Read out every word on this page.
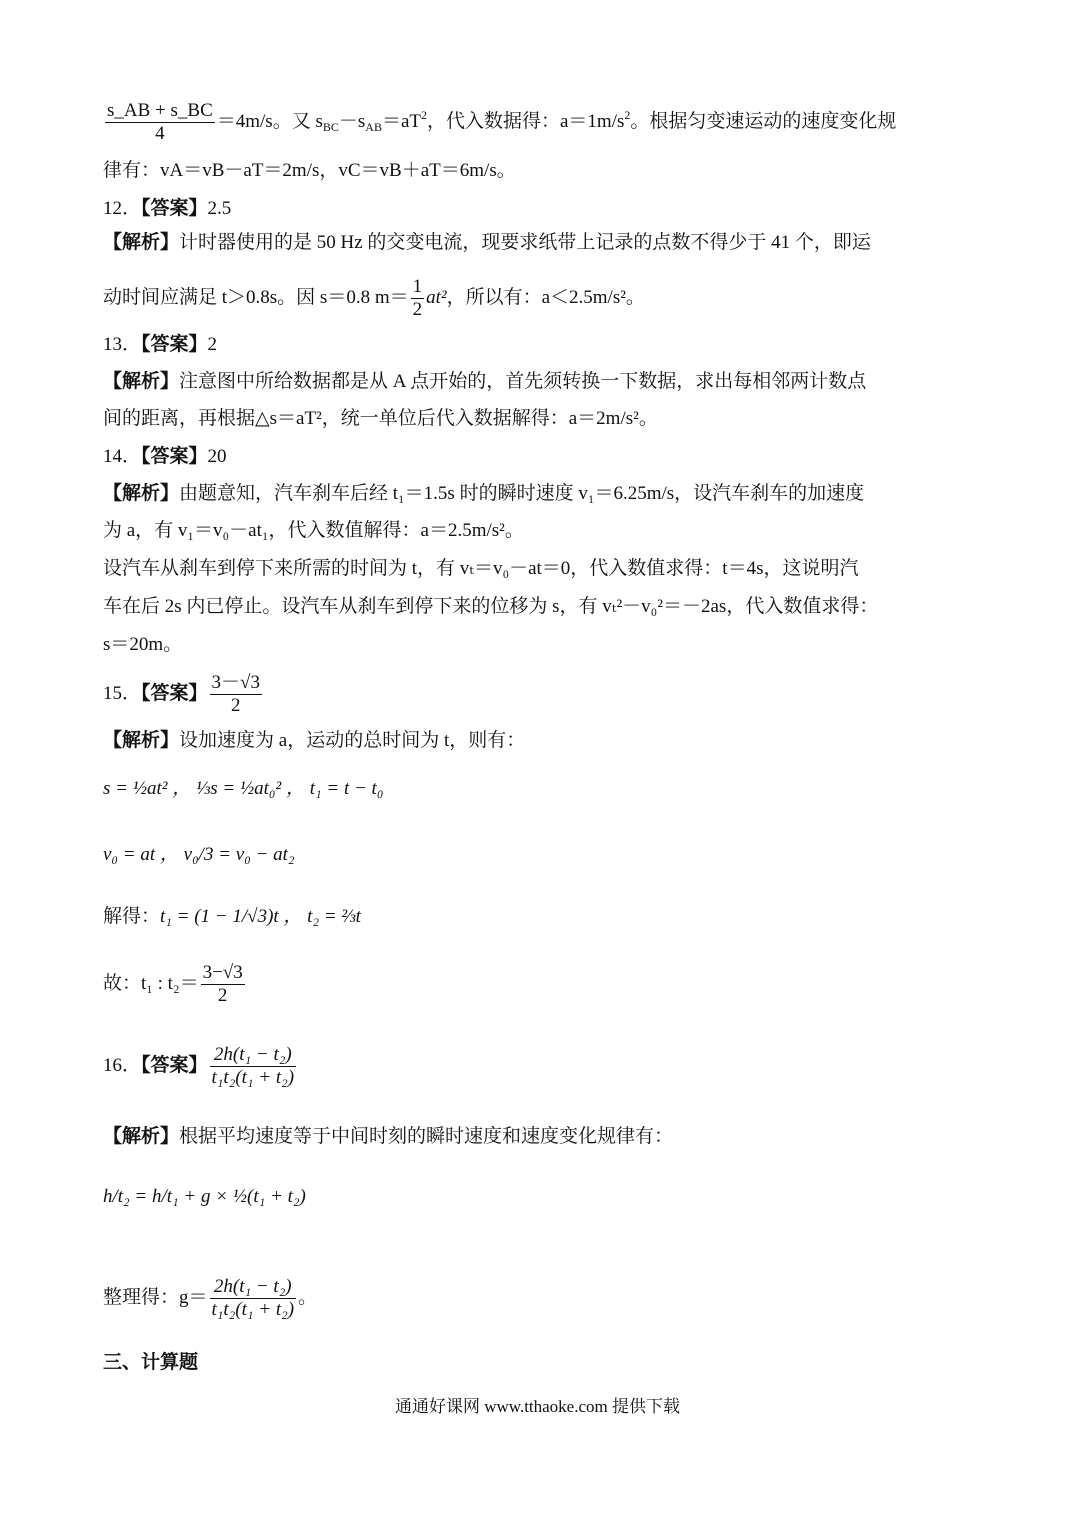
$\frac{s\_AB + s\_BC}{4} =4m/s$。又 $s_{BC}-s_{AB}=aT^2$，代入数据得：$a=1m/s^2$。根据匀变速运动的速度变化规
律有：vA＝vB－aT＝2m/s，vC＝vB＋aT＝6m/s。
12．【答案】2.5
【解析】计时器使用的是 50 Hz 的交变电流，现要求纸带上记录的点数不得少于 41 个，即运
动时间应满足 t＞0.8s。因 s＝0.8 $m= \frac{1}{2} at^2$，所以有：a＜2.5m/s²。
13．【答案】2
【解析】注意图中所给数据都是从 A 点开始的，首先须转换一下数据，求出每相邻两计数点
间的距离，再根据△s＝aT²，统一单位后代入数据解得：a＝2m/s²。
14．【答案】20
【解析】由题意知，汽车刹车后经 t₁＝1.5s 时的瞬时速度 v₁＝6.25m/s，设汽车刹车的加速度
为 a，有 v₁＝v₀－at₁，代入数值解得：a＝2.5m/s²。
设汽车从刹车到停下来所需的时间为 t，有 vₜ＝v₀－at＝0，代入数值求得：t＝4s，这说明汽
车在后 2s 内已停止。设汽车从刹车到停下来的位移为 s，有 vₜ²－v₀²＝－2as，代入数值求得：
s＝20m。
15．【答案】 $\frac{3-√3}{2}$
【解析】设加速度为 a，运动的总时间为 t，则有：
s = ½at² ， ⅓s = ½at₀² ， t₁ = t − t₀
v₀ = at ， v₀/3 = v₀ − at₂
解得：t₁ = (1 − 1/√3)t ， t₂ = ⅔t
故：t₁ : $t_2= \frac{3-√3}{2}$
16．【答案】 $\frac{\text{2h(t₁ − t₂)}}{\text{t₁t₂(t₁ + t₂)}}$
【解析】根据平均速度等于中间时刻的瞬时速度和速度变化规律有：
h/t₂ = h/t₁ + g × ½(t₁ + t₂)
整理得：$g= \frac{\text{2h(t₁ − t₂)}}{\text{t₁t₂(t₁ + t₂)}}$ 。
三、计算题
通通好课网 www.tthaoke.com 提供下载
